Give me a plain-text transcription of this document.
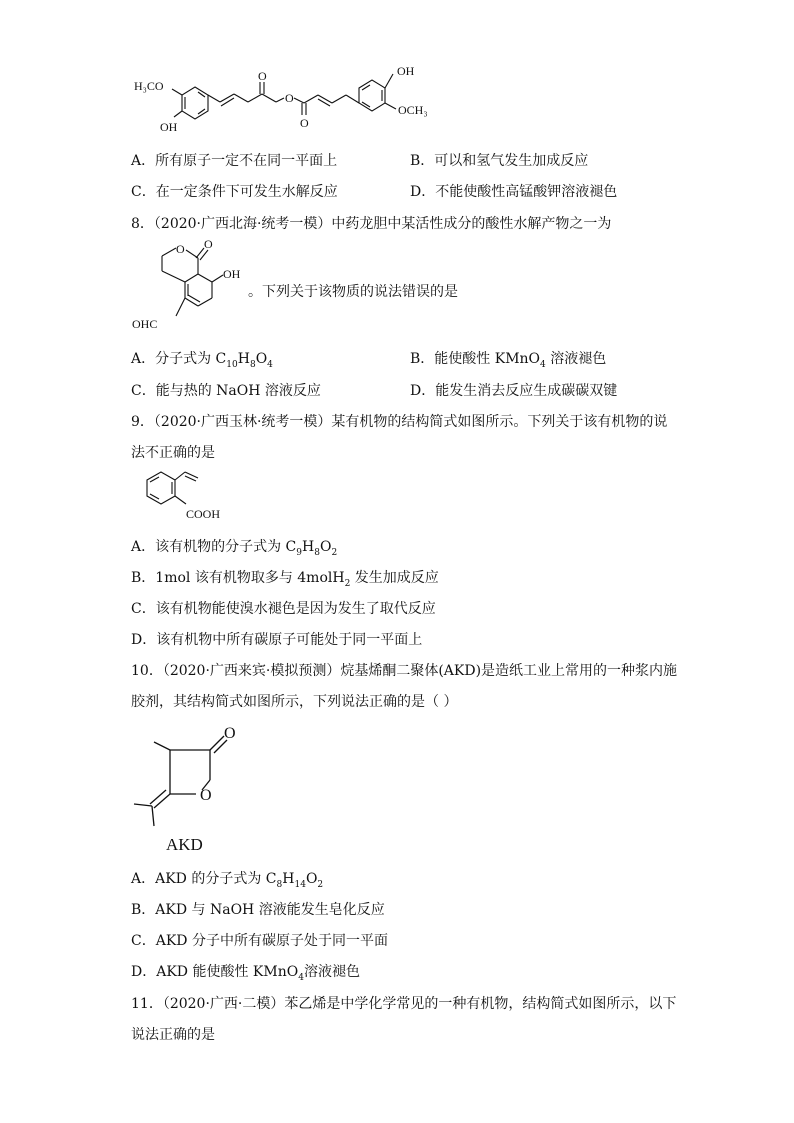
H₃CO
OH
O
O
O
OH
OCH₃
A．所有原子一定不在同一平面上	B．可以和氢气发生加成反应
C．在一定条件下可发生水解反应	D．不能使酸性高锰酸钾溶液褪色
8．（2020·广西北海·统考一模）中药龙胆中某活性成分的酸性水解产物之一为
O O
OH
OHC
。下列关于该物质的说法错误的是
A．分子式为 $C_{10}H_8O_4$	B．能使酸性 KMnO$_4$ 溶液褪色
C．能与热的 NaOH 溶液反应	D．能发生消去反应生成碳碳双键
9．（2020·广西玉林·统考一模）某有机物的结构简式如图所示。下列关于该有机物的说
法不正确的是
COOH
A．该有机物的分子式为 $C_9H_8O_2$
B．1mol 该有机物取多与 4molH$_2$ 发生加成反应
C．该有机物能使溴水褪色是因为发生了取代反应
D．该有机物中所有碳原子可能处于同一平面上
10．（2020·广西来宾·模拟预测）烷基烯酮二聚体(AKD)是造纸工业上常用的一种浆内施
胶剂，其结构简式如图所示，下列说法正确的是（ ）
O
O
AKD
A．AKD 的分子式为 $C_8H_{14}O_2$
B．AKD 与 NaOH 溶液能发生皂化反应
C．AKD 分子中所有碳原子处于同一平面
D．AKD 能使酸性 KMnO$_4$溶液褪色
11．（2020·广西·二模）苯乙烯是中学化学常见的一种有机物，结构简式如图所示，以下
说法正确的是
